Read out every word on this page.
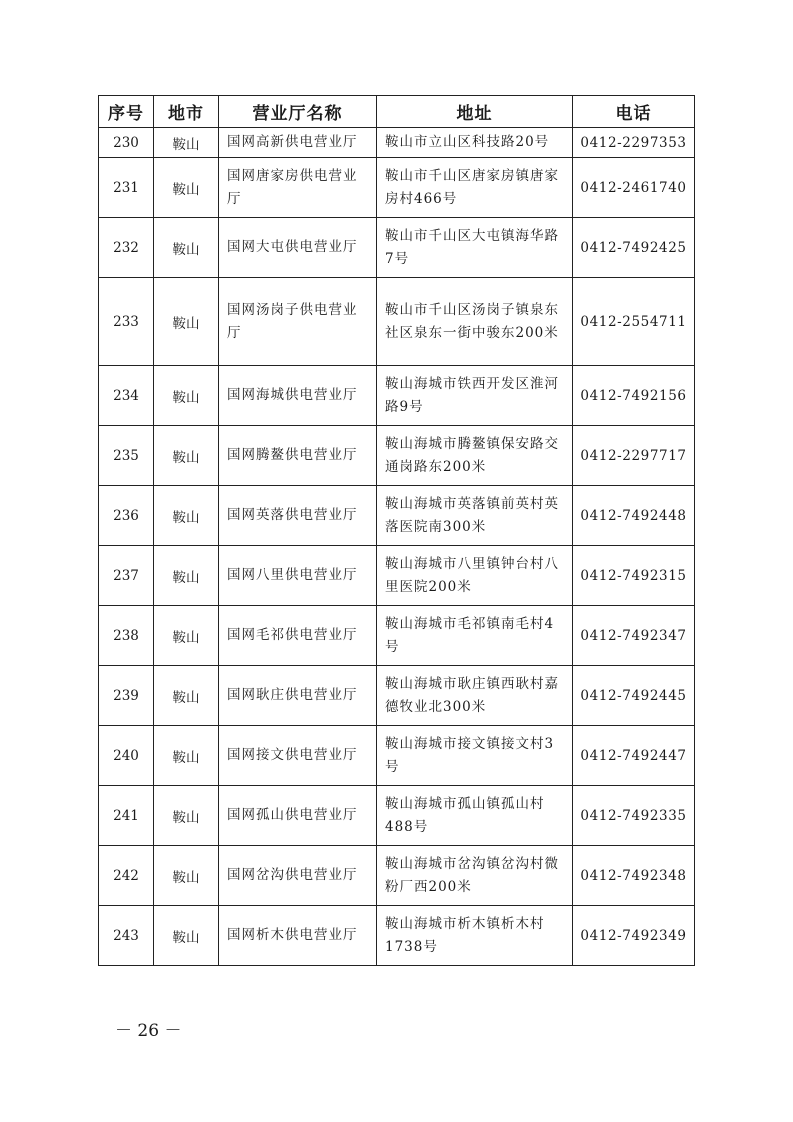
序号	地市	营业厅名称	地址	电话
230	鞍山	国网高新供电营业厅	鞍山市立山区科技路20号	0412-2297353
231	鞍山	国网唐家房供电营业厅	鞍山市千山区唐家房镇唐家房村466号	0412-2461740
232	鞍山	国网大屯供电营业厅	鞍山市千山区大屯镇海华路7号	0412-7492425
233	鞍山	国网汤岗子供电营业厅	鞍山市千山区汤岗子镇泉东社区泉东一街中骏东200米	0412-2554711
234	鞍山	国网海城供电营业厅	鞍山海城市铁西开发区淮河路9号	0412-7492156
235	鞍山	国网腾鳌供电营业厅	鞍山海城市腾鳌镇保安路交通岗路东200米	0412-2297717
236	鞍山	国网英落供电营业厅	鞍山海城市英落镇前英村英落医院南300米	0412-7492448
237	鞍山	国网八里供电营业厅	鞍山海城市八里镇钟台村八里医院200米	0412-7492315
238	鞍山	国网毛祁供电营业厅	鞍山海城市毛祁镇南毛村4号	0412-7492347
239	鞍山	国网耿庄供电营业厅	鞍山海城市耿庄镇西耿村嘉德牧业北300米	0412-7492445
240	鞍山	国网接文供电营业厅	鞍山海城市接文镇接文村3号	0412-7492447
241	鞍山	国网孤山供电营业厅	鞍山海城市孤山镇孤山村488号	0412-7492335
242	鞍山	国网岔沟供电营业厅	鞍山海城市岔沟镇岔沟村微粉厂西200米	0412-7492348
243	鞍山	国网析木供电营业厅	鞍山海城市析木镇析木村1738号	0412-7492349
－ 26 －
